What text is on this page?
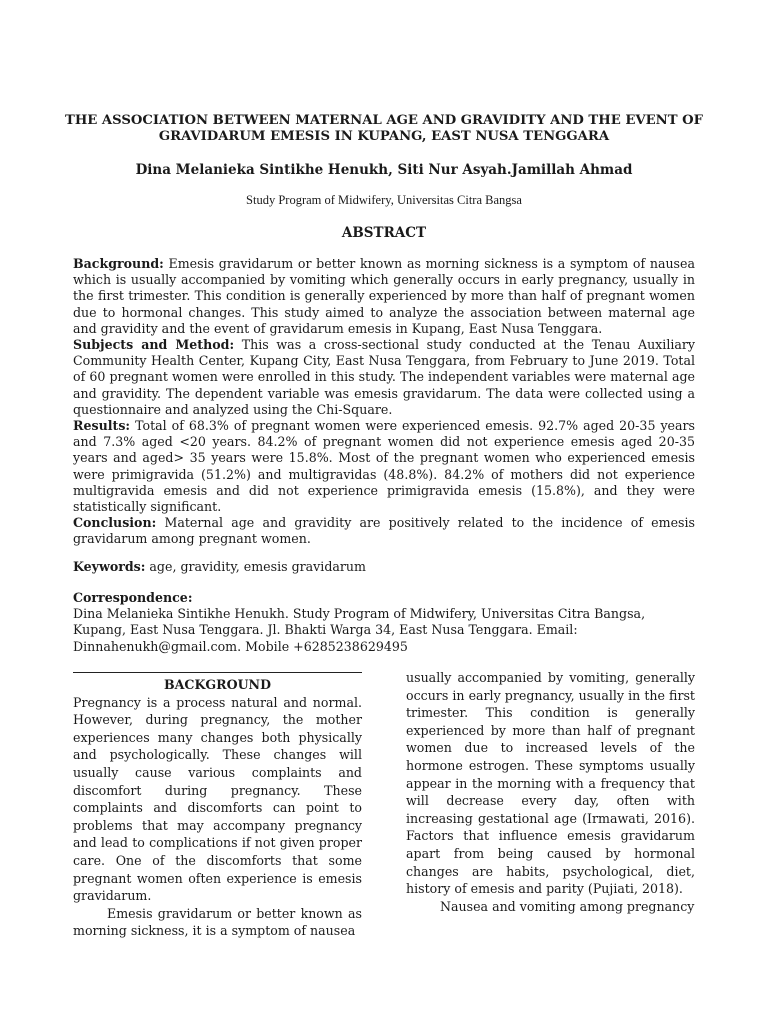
THE ASSOCIATION BETWEEN MATERNAL AGE AND GRAVIDITY AND THE EVENT OF GRAVIDARUM EMESIS IN KUPANG, EAST NUSA TENGGARA
Dina Melanieka Sintikhe Henukh, Siti Nur Asyah.Jamillah Ahmad
Study Program of Midwifery, Universitas Citra Bangsa
ABSTRACT

Background: Emesis gravidarum or better known as morning sickness is a symptom of nausea which is usually accompanied by vomiting which generally occurs in early pregnancy, usually in the first trimester. This condition is generally experienced by more than half of pregnant women due to hormonal changes. This study aimed to analyze the association between maternal age and gravidity and the event of gravidarum emesis in Kupang, East Nusa Tenggara.

Subjects and Method: This was a cross-sectional study conducted at the Tenau Auxiliary Community Health Center, Kupang City, East Nusa Tenggara, from February to June 2019. Total of 60 pregnant women were enrolled in this study. The independent variables were maternal age and gravidity. The dependent variable was emesis gravidarum. The data were collected using a questionnaire and analyzed using the Chi-Square.

Results: Total of 68.3% of pregnant women were experienced emesis. 92.7% aged 20-35 years and 7.3% aged <20 years. 84.2% of pregnant women did not experience emesis aged 20-35 years and aged> 35 years were 15.8%. Most of the pregnant women who experienced emesis were primigravida (51.2%) and multigravidas (48.8%). 84.2% of mothers did not experience multigravida emesis and did not experience primigravida emesis (15.8%), and they were statistically significant.

Conclusion: Maternal age and gravidity are positively related to the incidence of emesis gravidarum among pregnant women.

Keywords: age, gravidity, emesis gravidarum

Correspondence:

Dina Melanieka Sintikhe Henukh. Study Program of Midwifery, Universitas Citra Bangsa, Kupang, East Nusa Tenggara. Jl. Bhakti Warga 34, East Nusa Tenggara. Email: Dinnahenukh@gmail.com. Mobile +6285238629495

BACKGROUND

Pregnancy is a process natural and normal. However, during pregnancy, the mother experiences many changes both physically and psychologically. These changes will usually cause various complaints and discomfort during pregnancy. These complaints and discomforts can point to problems that may accompany pregnancy and lead to complications if not given proper care. One of the discomforts that some pregnant women often experience is emesis gravidarum.

Emesis gravidarum or better known as morning sickness, it is a symptom of nausea

usually accompanied by vomiting, generally occurs in early pregnancy, usually in the first trimester. This condition is generally experienced by more than half of pregnant women due to increased levels of the hormone estrogen. These symptoms usually appear in the morning with a frequency that will decrease every day, often with increasing gestational age (Irmawati, 2016). Factors that influence emesis gravidarum apart from being caused by hormonal changes are habits, psychological, diet, history of emesis and parity (Pujiati, 2018).

Nausea and vomiting among pregnancy
